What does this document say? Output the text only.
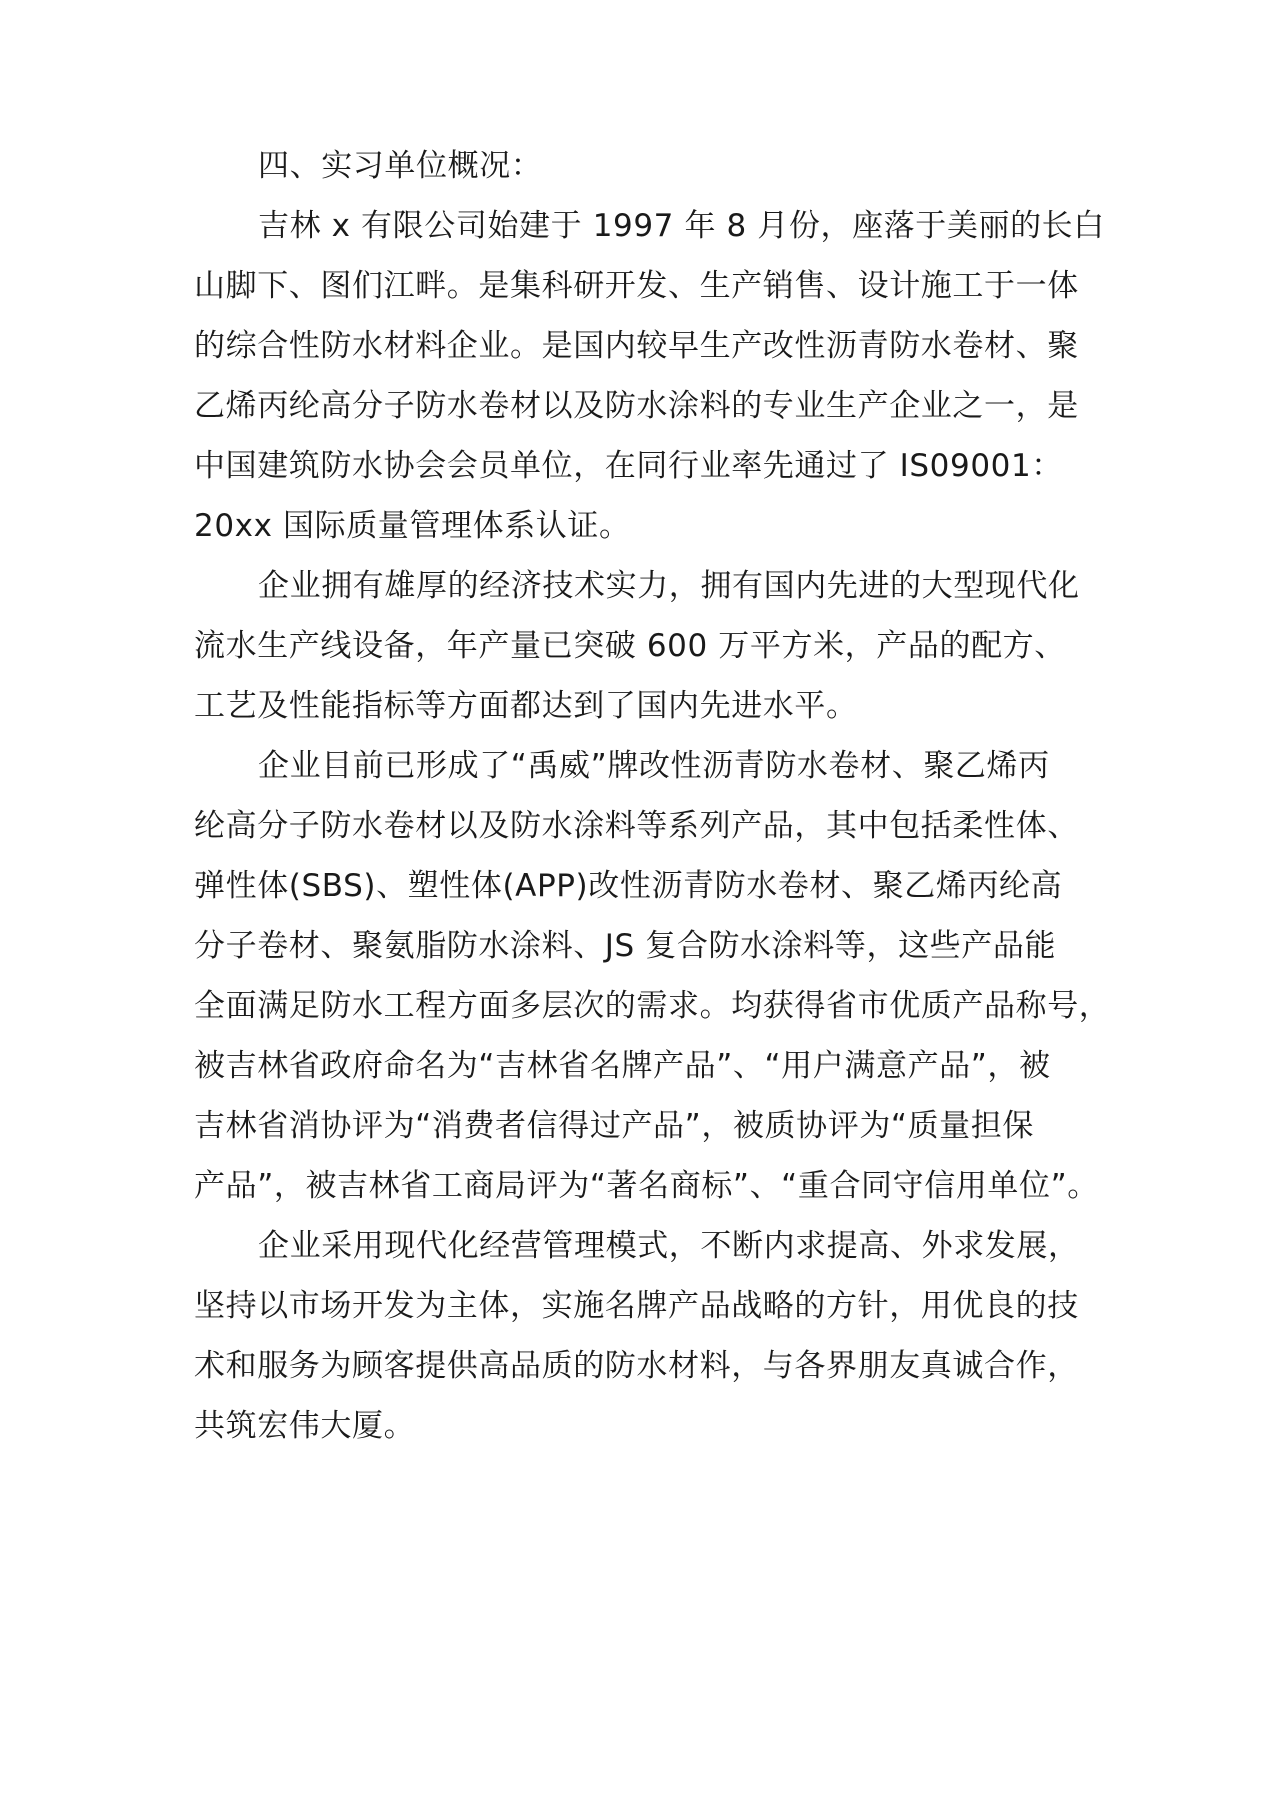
四、实习单位概况：

吉林 x 有限公司始建于 1997 年 8 月份，座落于美丽的长白

山脚下、图们江畔。是集科研开发、生产销售、设计施工于一体

的综合性防水材料企业。是国内较早生产改性沥青防水卷材、聚

乙烯丙纶高分子防水卷材以及防水涂料的专业生产企业之一，是

中国建筑防水协会会员单位，在同行业率先通过了 IS09001：

20xx 国际质量管理体系认证。

企业拥有雄厚的经济技术实力，拥有国内先进的大型现代化

流水生产线设备，年产量已突破 600 万平方米，产品的配方、

工艺及性能指标等方面都达到了国内先进水平。

企业目前已形成了“禹威”牌改性沥青防水卷材、聚乙烯丙

纶高分子防水卷材以及防水涂料等系列产品，其中包括柔性体、

弹性体(SBS)、塑性体(APP)改性沥青防水卷材、聚乙烯丙纶高

分子卷材、聚氨脂防水涂料、JS 复合防水涂料等，这些产品能

全面满足防水工程方面多层次的需求。均获得省市优质产品称号，

被吉林省政府命名为“吉林省名牌产品”、“用户满意产品”，被

吉林省消协评为“消费者信得过产品”，被质协评为“质量担保

产品”，被吉林省工商局评为“著名商标”、“重合同守信用单位”。

企业采用现代化经营管理模式，不断内求提高、外求发展，

坚持以市场开发为主体，实施名牌产品战略的方针，用优良的技

术和服务为顾客提供高品质的防水材料，与各界朋友真诚合作，

共筑宏伟大厦。
